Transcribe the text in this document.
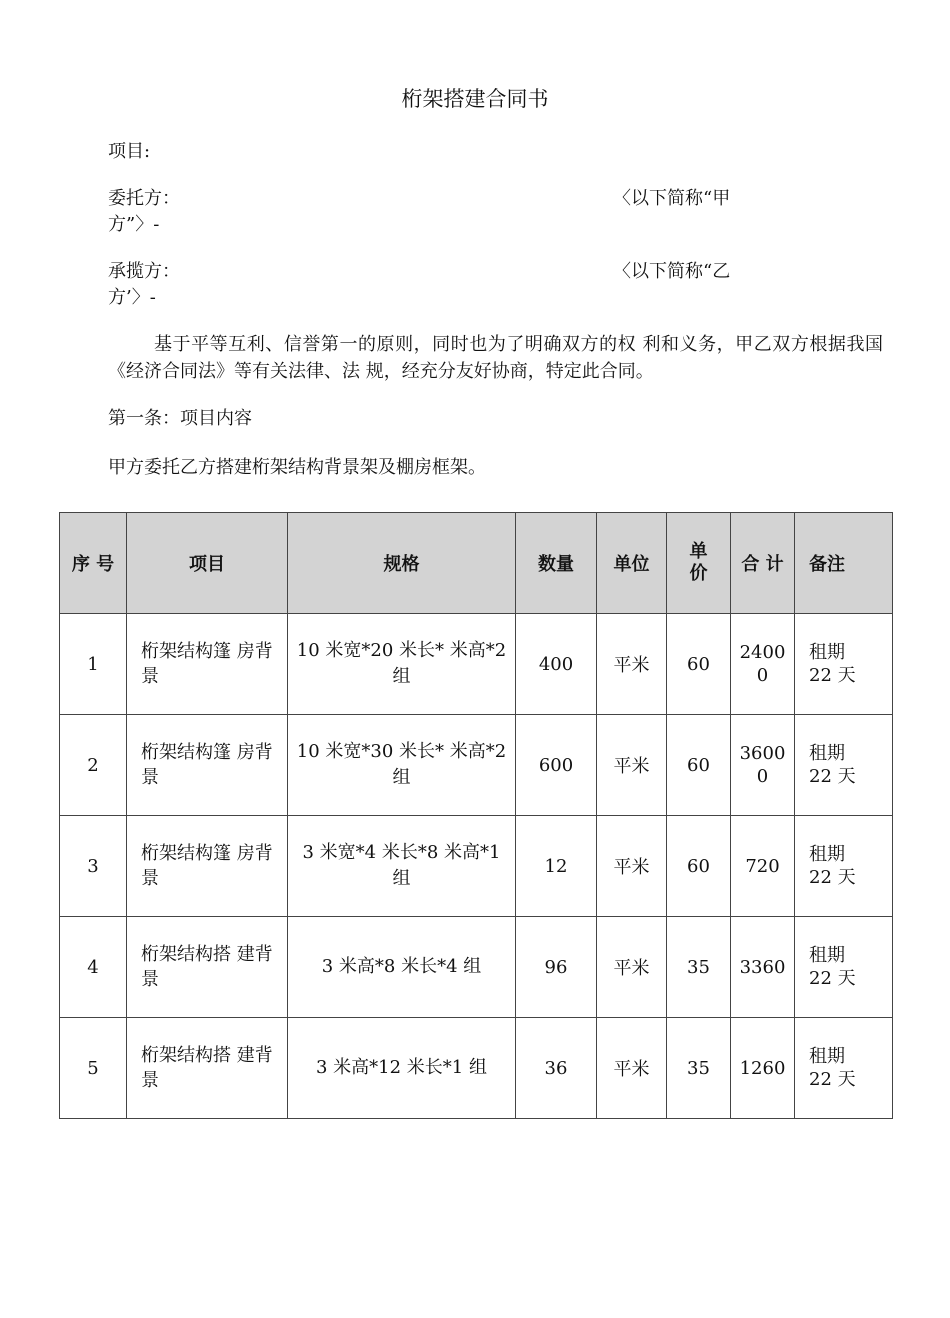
桁架搭建合同书
项目:
委托方：	〈以下简称“甲
方”〉-
承揽方：	〈以下简称“乙
方’〉-
基于平等互利、信誉第一的原则，同时也为了明确双方的权 利和义务，甲乙双方根据我国《经济合同法》等有关法律、法 规，经充分友好协商，特定此合同。
第一条：项目内容
甲方委托乙方搭建桁架结构背景架及棚房框架。
序 号	项目	规格	数量	单位	单
价	合 计	备注
1	桁架结构篷 房背景	10 米宽*20 米长* 米高*2 组	400	平米	60	24000	租期
22 天

2	桁架结构篷 房背景	10 米宽*30 米长* 米高*2 组	600	平米	60	36000	租期
22 天

3	桁架结构篷 房背景	3 米宽*4 米长*8 米高*1 组	12	平米	60	720	租期
22 天

4	桁架结构搭 建背景	3 米高*8 米长*4 组	96	平米	35	3360	租期
22 天

5	桁架结构搭 建背景	3 米高*12 米长*1 组	36	平米	35	1260	租期
22 天
